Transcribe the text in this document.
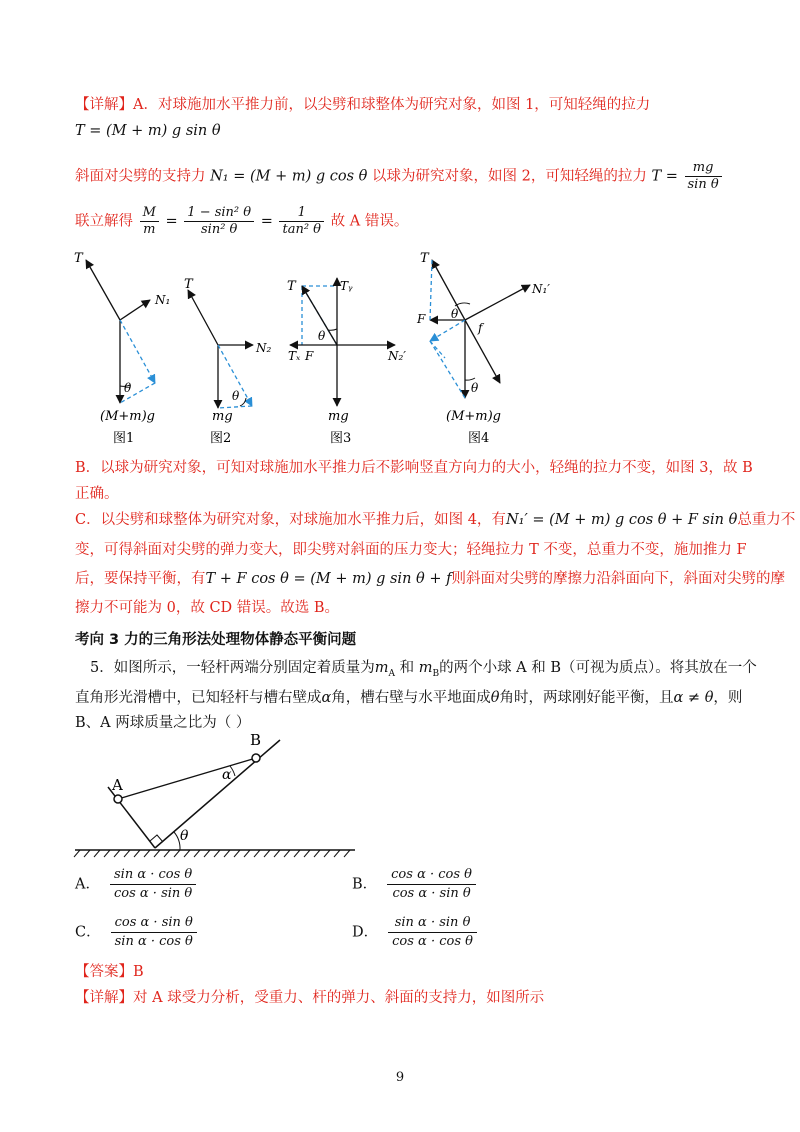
【详解】A．对球施加水平推力前，以尖劈和球整体为研究对象，如图 1，可知轻绳的拉力
T = (M + m) g sin θ
斜面对尖劈的支持力 N₁ = (M + m) g cos θ 以球为研究对象，如图 2，可知轻绳的拉力 $T = \frac{mg}{\text{sin θ}}$
联立解得 $\frac{M}{m} = \frac{\text{1 − sin² θ}}{\text{sin² θ}} = \frac{1}{\text{tan² θ}}$ 故 A 错误。
T
N₁
θ
(M+m)g
图1
T
N₂
θ
mg
图2
T	Tᵧ
θ
Tₓ F	N₂′
mg
图3
T
N₁′
F θ
f
θ
(M+m)g
图4
B．以球为研究对象，可知对球施加水平推力后不影响竖直方向力的大小，轻绳的拉力不变，如图 3，故 B
正确。
C．以尖劈和球整体为研究对象，对球施加水平推力后，如图 4，有N₁′ = (M + m) g cos θ + F sin θ总重力不
变，可得斜面对尖劈的弹力变大，即尖劈对斜面的压力变大；轻绳拉力 T 不变，总重力不变，施加推力 F
后，要保持平衡，有T + F cos θ = (M + m) g sin θ + f则斜面对尖劈的摩擦力沿斜面向下，斜面对尖劈的摩
擦力不可能为 0，故 CD 错误。故选 B。
考向 3 力的三角形法处理物体静态平衡问题
5．如图所示，一轻杆两端分别固定着质量为$m_A$ 和 $m_B$的两个小球 A 和 B（可视为质点）。将其放在一个
直角形光滑槽中，已知轻杆与槽右壁成α角，槽右壁与水平地面成θ角时，两球刚好能平衡，且α ≠ θ，则
B、A 两球质量之比为（ ）
A
B
α
θ
A． $\frac{\text{sin α · cos θ}}{\text{cos α · sin θ}}$	B． $\frac{\text{cos α · cos θ}}{\text{cos α · sin θ}}$
C． $\frac{\text{cos α · sin θ}}{\text{sin α · cos θ}}$	D． $\frac{\text{sin α · sin θ}}{\text{cos α · cos θ}}$
【答案】B
【详解】对 A 球受力分析，受重力、杆的弹力、斜面的支持力，如图所示
9
